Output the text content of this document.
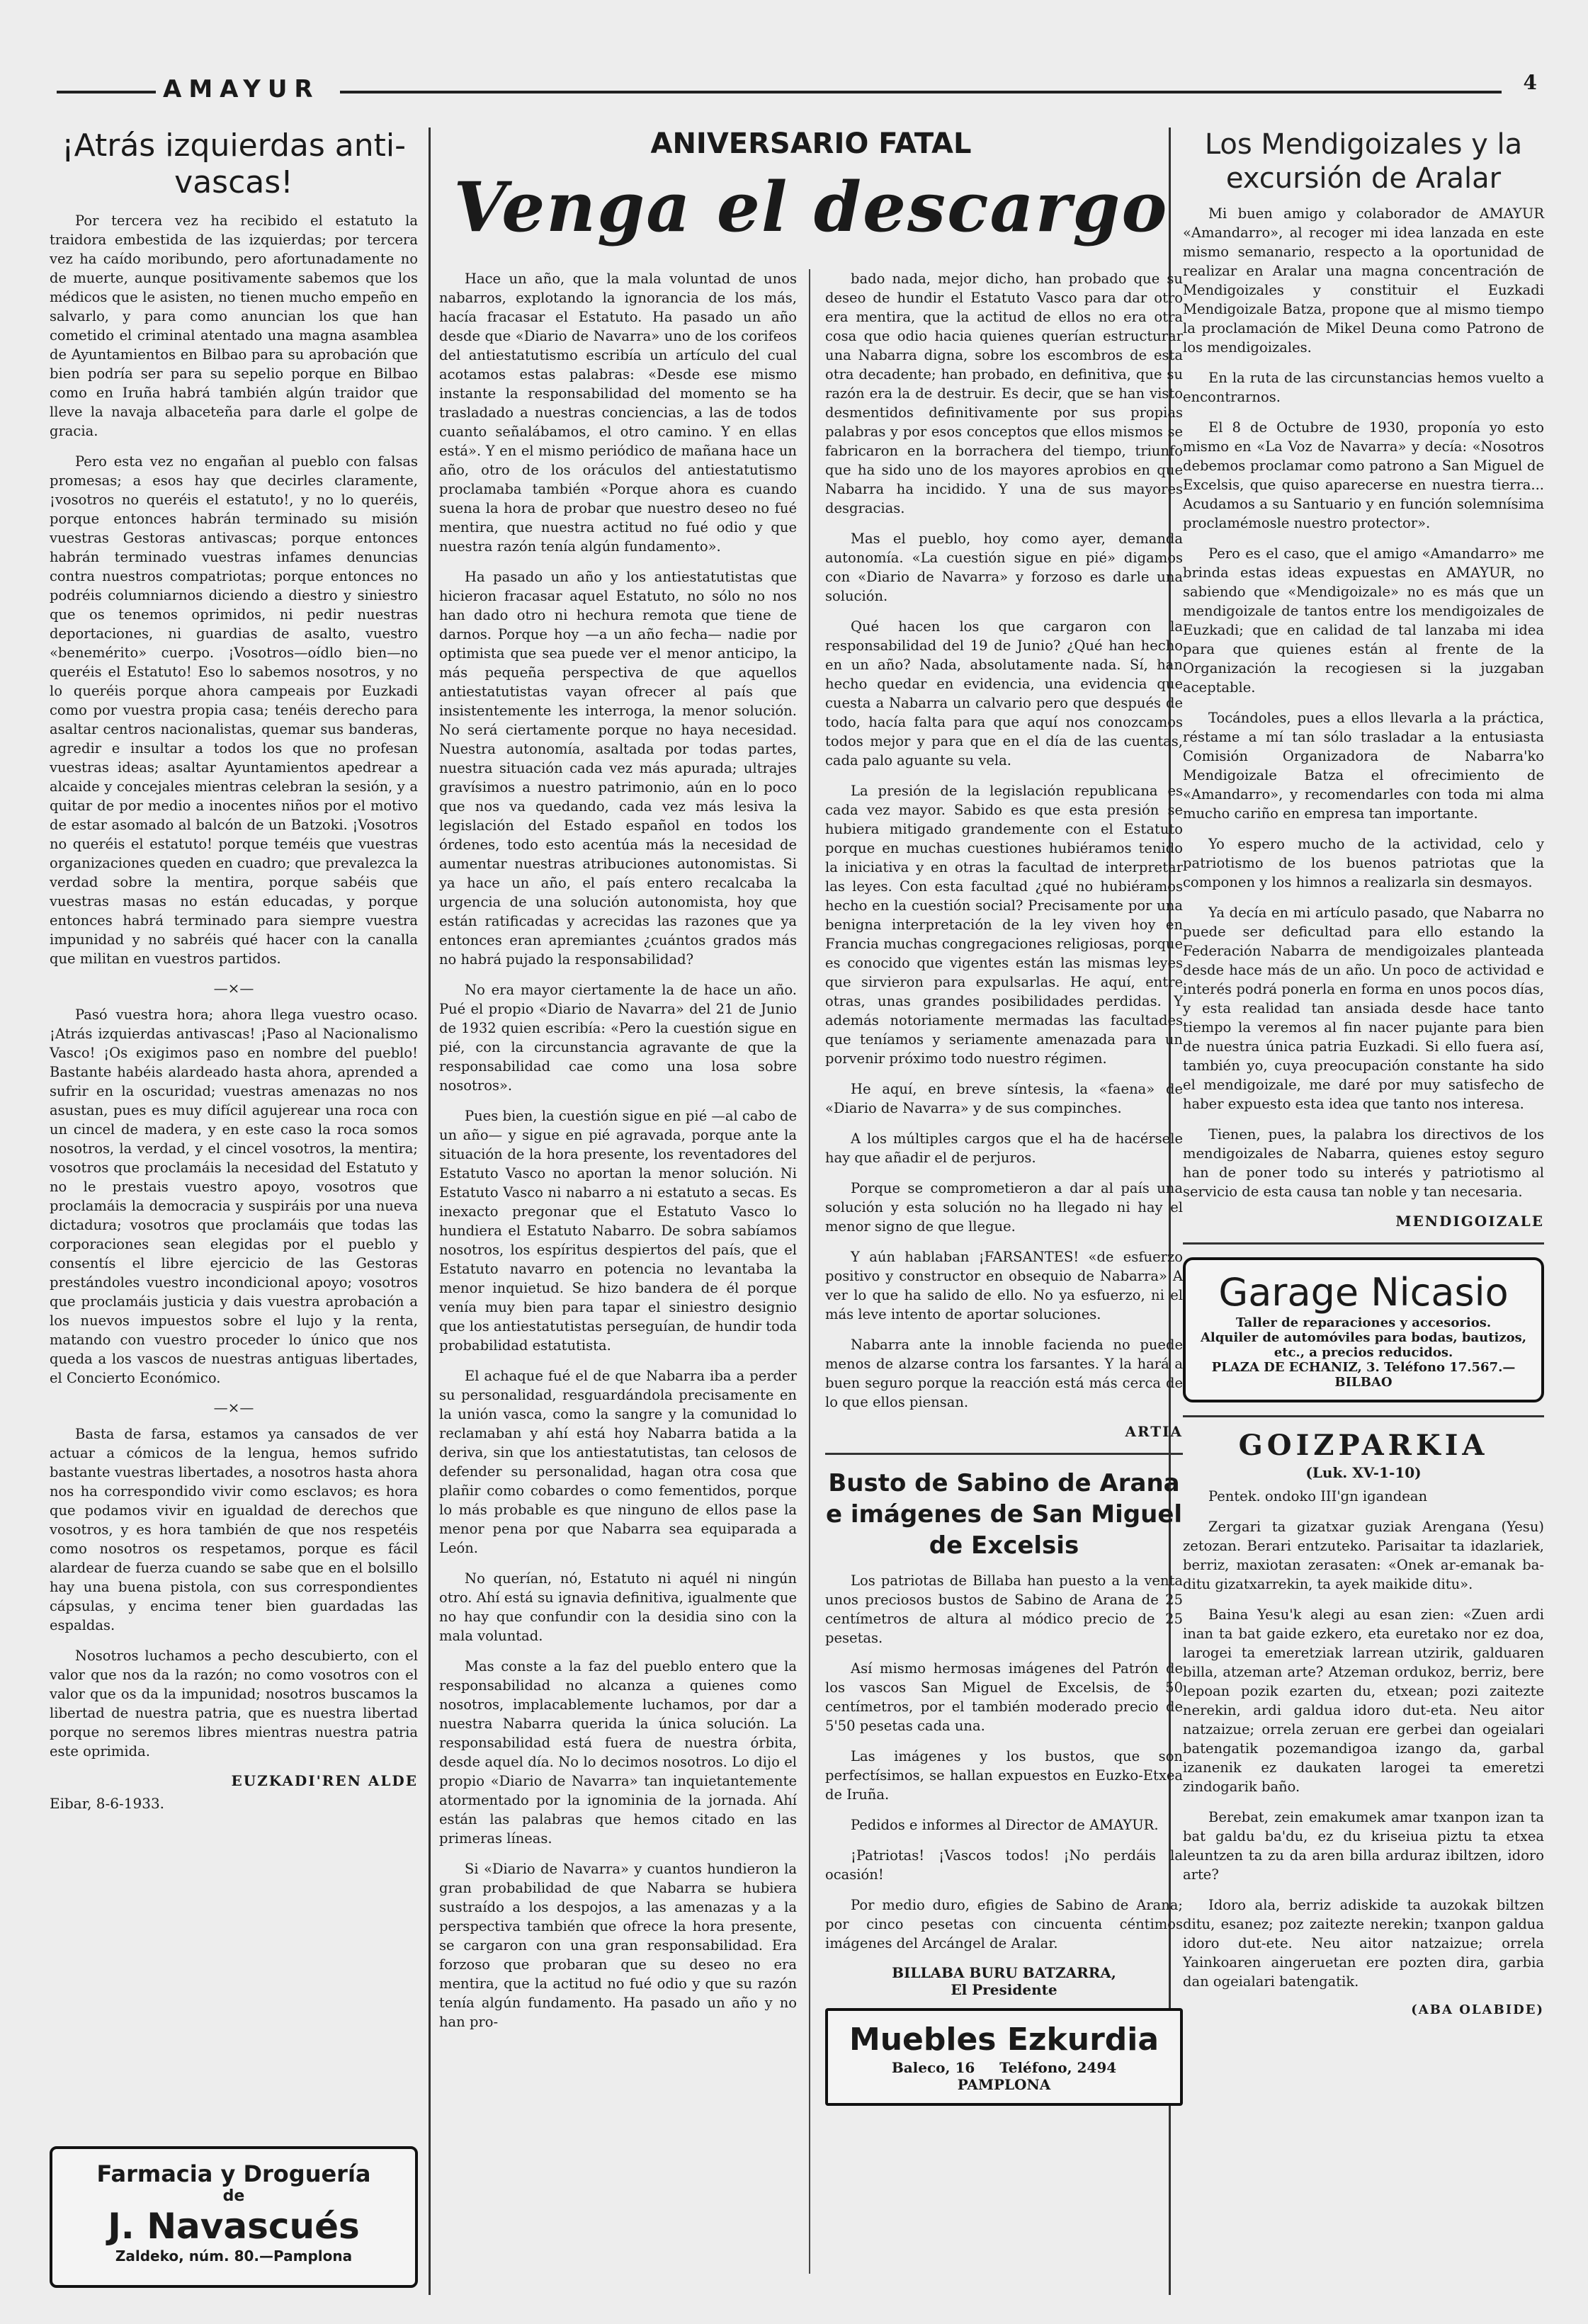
AMAYUR	4
¡Atrás izquierdas anti-vascas!

Por tercera vez ha recibido el estatuto la traidora embestida de las izquierdas; por tercera vez ha caído moribundo, pero afortunadamente no de muerte, aunque positivamente sabemos que los médicos que le asisten, no tienen mucho empeño en salvarlo, y para como anuncian los que han cometido el criminal atentado una magna asamblea de Ayuntamientos en Bilbao para su aprobación que bien podría ser para su sepelio porque en Bilbao como en Iruña habrá también algún traidor que lleve la navaja albaceteña para darle el golpe de gracia.

Pero esta vez no engañan al pueblo con falsas promesas; a esos hay que decirles claramente, ¡vosotros no queréis el estatuto!, y no lo queréis, porque entonces habrán terminado su misión vuestras Gestoras antivascas; porque entonces habrán terminado vuestras infames denuncias contra nuestros compatriotas; porque entonces no podréis columniarnos diciendo a diestro y siniestro que os tenemos oprimidos, ni pedir nuestras deportaciones, ni guardias de asalto, vuestro «benemérito» cuerpo. ¡Vosotros—oídlo bien—no queréis el Estatuto! Eso lo sabemos nosotros, y no lo queréis porque ahora campeais por Euzkadi como por vuestra propia casa; tenéis derecho para asaltar centros nacionalistas, quemar sus banderas, agredir e insultar a todos los que no profesan vuestras ideas; asaltar Ayuntamientos apedrear a alcaide y concejales mientras celebran la sesión, y a quitar de por medio a inocentes niños por el motivo de estar asomado al balcón de un Batzoki. ¡Vosotros no queréis el estatuto! porque teméis que vuestras organizaciones queden en cuadro; que prevalezca la verdad sobre la mentira, porque sabéis que vuestras masas no están educadas, y porque entonces habrá terminado para siempre vuestra impunidad y no sabréis qué hacer con la canalla que militan en vuestros partidos.

—×—

Pasó vuestra hora; ahora llega vuestro ocaso. ¡Atrás izquierdas antivascas! ¡Paso al Nacionalismo Vasco! ¡Os exigimos paso en nombre del pueblo! Bastante habéis alardeado hasta ahora, aprended a sufrir en la oscuridad; vuestras amenazas no nos asustan, pues es muy difícil agujerear una roca con un cincel de madera, y en este caso la roca somos nosotros, la verdad, y el cincel vosotros, la mentira; vosotros que proclamáis la necesidad del Estatuto y no le prestais vuestro apoyo, vosotros que proclamáis la democracia y suspiráis por una nueva dictadura; vosotros que proclamáis que todas las corporaciones sean elegidas por el pueblo y consentís el libre ejercicio de las Gestoras prestándoles vuestro incondicional apoyo; vosotros que proclamáis justicia y dais vuestra aprobación a los nuevos impuestos sobre el lujo y la renta, matando con vuestro proceder lo único que nos queda a los vascos de nuestras antiguas libertades, el Concierto Económico.

—×—

Basta de farsa, estamos ya cansados de ver actuar a cómicos de la lengua, hemos sufrido bastante vuestras libertades, a nosotros hasta ahora nos ha correspondido vivir como esclavos; es hora que podamos vivir en igualdad de derechos que vosotros, y es hora también de que nos respetéis como nosotros os respetamos, porque es fácil alardear de fuerza cuando se sabe que en el bolsillo hay una buena pistola, con sus correspondientes cápsulas, y encima tener bien guardadas las espaldas.

Nosotros luchamos a pecho descubierto, con el valor que nos da la razón; no como vosotros con el valor que os da la impunidad; nosotros buscamos la libertad de nuestra patria, que es nuestra libertad porque no seremos libres mientras nuestra patria este oprimida.

EUZKADI'REN ALDE
Eibar, 8-6-1933.
Farmacia y Droguería
de
J. Navascués
Zaldeko, núm. 80.—Pamplona
ANIVERSARIO FATAL
Venga el descargo

Hace un año, que la mala voluntad de unos nabarros, explotando la ignorancia de los más, hacía fracasar el Estatuto. Ha pasado un año desde que «Diario de Navarra» uno de los corifeos del antiestatutismo escribía un artículo del cual acotamos estas palabras: «Desde ese mismo instante la responsabilidad del momento se ha trasladado a nuestras conciencias, a las de todos cuanto señalábamos, el otro camino. Y en ellas está». Y en el mismo periódico de mañana hace un año, otro de los oráculos del antiestatutismo proclamaba también «Porque ahora es cuando suena la hora de probar que nuestro deseo no fué mentira, que nuestra actitud no fué odio y que nuestra razón tenía algún fundamento».

Ha pasado un año y los antiestatutistas que hicieron fracasar aquel Estatuto, no sólo no nos han dado otro ni hechura remota que tiene de darnos. Porque hoy —a un año fecha— nadie por optimista que sea puede ver el menor anticipo, la más pequeña perspectiva de que aquellos antiestatutistas vayan ofrecer al país que insistentemente les interroga, la menor solución. No será ciertamente porque no haya necesidad. Nuestra autonomía, asaltada por todas partes, nuestra situación cada vez más apurada; ultrajes gravísimos a nuestro patrimonio, aún en lo poco que nos va quedando, cada vez más lesiva la legislación del Estado español en todos los órdenes, todo esto acentúa más la necesidad de aumentar nuestras atribuciones autonomistas. Si ya hace un año, el país entero recalcaba la urgencia de una solución autonomista, hoy que están ratificadas y acrecidas las razones que ya entonces eran apremiantes ¿cuántos grados más no habrá pujado la responsabilidad?

No era mayor ciertamente la de hace un año. Pué el propio «Diario de Navarra» del 21 de Junio de 1932 quien escribía: «Pero la cuestión sigue en pié, con la circunstancia agravante de que la responsabilidad cae como una losa sobre nosotros».

Pues bien, la cuestión sigue en pié —al cabo de un año— y sigue en pié agravada, porque ante la situación de la hora presente, los reventadores del Estatuto Vasco no aportan la menor solución. Ni Estatuto Vasco ni nabarro a ni estatuto a secas. Es inexacto pregonar que el Estatuto Vasco lo hundiera el Estatuto Nabarro. De sobra sabíamos nosotros, los espíritus despiertos del país, que el Estatuto navarro en potencia no levantaba la menor inquietud. Se hizo bandera de él porque venía muy bien para tapar el siniestro designio que los antiestatutistas perseguían, de hundir toda probabilidad estatutista.

El achaque fué el de que Nabarra iba a perder su personalidad, resguardándola precisamente en la unión vasca, como la sangre y la comunidad lo reclamaban y ahí está hoy Nabarra batida a la deriva, sin que los antiestatutistas, tan celosos de defender su personalidad, hagan otra cosa que plañir como cobardes o como fementidos, porque lo más probable es que ninguno de ellos pase la menor pena por que Nabarra sea equiparada a León.

No querían, nó, Estatuto ni aquél ni ningún otro. Ahí está su ignavia definitiva, igualmente que no hay que confundir con la desidia sino con la mala voluntad.

Mas conste a la faz del pueblo entero que la responsabilidad no alcanza a quienes como nosotros, implacablemente luchamos, por dar a nuestra Nabarra querida la única solución. La responsabilidad está fuera de nuestra órbita, desde aquel día. No lo decimos nosotros. Lo dijo el propio «Diario de Navarra» tan inquietantemente atormentado por la ignominia de la jornada. Ahí están las palabras que hemos citado en las primeras líneas.

Si «Diario de Navarra» y cuantos hundieron la gran probabilidad de que Nabarra se hubiera sustraído a los despojos, a las amenazas y a la perspectiva también que ofrece la hora presente, se cargaron con una gran responsabilidad. Era forzoso que probaran que su deseo no era mentira, que la actitud no fué odio y que su razón tenía algún fundamento. Ha pasado un año y no han pro-

bado nada, mejor dicho, han probado que su deseo de hundir el Estatuto Vasco para dar otro era mentira, que la actitud de ellos no era otra cosa que odio hacia quienes querían estructurar una Nabarra digna, sobre los escombros de esta otra decadente; han probado, en definitiva, que su razón era la de destruir. Es decir, que se han visto desmentidos definitivamente por sus propias palabras y por esos conceptos que ellos mismos se fabricaron en la borrachera del tiempo, triunfo que ha sido uno de los mayores aprobios en que Nabarra ha incidido. Y una de sus mayores desgracias.

Mas el pueblo, hoy como ayer, demanda autonomía. «La cuestión sigue en pié» digamos con «Diario de Navarra» y forzoso es darle una solución.

Qué hacen los que cargaron con la responsabilidad del 19 de Junio? ¿Qué han hecho en un año? Nada, absolutamente nada. Sí, han hecho quedar en evidencia, una evidencia que cuesta a Nabarra un calvario pero que después de todo, hacía falta para que aquí nos conozcamos todos mejor y para que en el día de las cuentas, cada palo aguante su vela.

La presión de la legislación republicana es cada vez mayor. Sabido es que esta presión se hubiera mitigado grandemente con el Estatuto porque en muchas cuestiones hubiéramos tenido la iniciativa y en otras la facultad de interpretar las leyes. Con esta facultad ¿qué no hubiéramos hecho en la cuestión social? Precisamente por una benigna interpretación de la ley viven hoy en Francia muchas congregaciones religiosas, porque es conocido que vigentes están las mismas leyes que sirvieron para expulsarlas. He aquí, entre otras, unas grandes posibilidades perdidas. Y además notoriamente mermadas las facultades que teníamos y seriamente amenazada para un porvenir próximo todo nuestro régimen.

He aquí, en breve síntesis, la «faena» de «Diario de Navarra» y de sus compinches.

A los múltiples cargos que el ha de hacérsele hay que añadir el de perjuros.

Porque se comprometieron a dar al país una solución y esta solución no ha llegado ni hay el menor signo de que llegue.

Y aún hablaban ¡FARSANTES! «de esfuerzo positivo y constructor en obsequio de Nabarra» A ver lo que ha salido de ello. No ya esfuerzo, ni el más leve intento de aportar soluciones.

Nabarra ante la innoble facienda no puede menos de alzarse contra los farsantes. Y la hará a buen seguro porque la reacción está más cerca de lo que ellos piensan.

ARTIA
Busto de Sabino de Arana e imágenes de San Miguel de Excelsis

Los patriotas de Billaba han puesto a la venta unos preciosos bustos de Sabino de Arana de 25 centímetros de altura al módico precio de 25 pesetas.

Así mismo hermosas imágenes del Patrón de los vascos San Miguel de Excelsis, de 50 centímetros, por el también moderado precio de 5'50 pesetas cada una.

Las imágenes y los bustos, que son perfectísimos, se hallan expuestos en Euzko-Etxea de Iruña.

Pedidos e informes al Director de AMAYUR.

¡Patriotas! ¡Vascos todos! ¡No perdáis la ocasión!

Por medio duro, efigies de Sabino de Arana; por cinco pesetas con cincuenta céntimos imágenes del Arcángel de Aralar.

BILLABA BURU BATZARRA,
El Presidente
Muebles Ezkurdia
Baleco, 16 Teléfono, 2494
PAMPLONA
Los Mendigoizales y la excursión de Aralar

Mi buen amigo y colaborador de AMAYUR «Amandarro», al recoger mi idea lanzada en este mismo semanario, respecto a la oportunidad de realizar en Aralar una magna concentración de Mendigoizales y constituir el Euzkadi Mendigoizale Batza, propone que al mismo tiempo la proclamación de Mikel Deuna como Patrono de los mendigoizales.

En la ruta de las circunstancias hemos vuelto a encontrarnos.

El 8 de Octubre de 1930, proponía yo esto mismo en «La Voz de Navarra» y decía: «Nosotros debemos proclamar como patrono a San Miguel de Excelsis, que quiso aparecerse en nuestra tierra... Acudamos a su Santuario y en función solemnísima proclamémosle nuestro protector».

Pero es el caso, que el amigo «Amandarro» me brinda estas ideas expuestas en AMAYUR, no sabiendo que «Mendigoizale» no es más que un mendigoizale de tantos entre los mendigoizales de Euzkadi; que en calidad de tal lanzaba mi idea para que quienes están al frente de la Organización la recogiesen si la juzgaban aceptable.

Tocándoles, pues a ellos llevarla a la práctica, réstame a mí tan sólo trasladar a la entusiasta Comisión Organizadora de Nabarra'ko Mendigoizale Batza el ofrecimiento de «Amandarro», y recomendarles con toda mi alma mucho cariño en empresa tan importante.

Yo espero mucho de la actividad, celo y patriotismo de los buenos patriotas que la componen y los himnos a realizarla sin desmayos.

Ya decía en mi artículo pasado, que Nabarra no puede ser deficultad para ello estando la Federación Nabarra de mendigoizales planteada desde hace más de un año. Un poco de actividad e interés podrá ponerla en forma en unos pocos días, y esta realidad tan ansiada desde hace tanto tiempo la veremos al fin nacer pujante para bien de nuestra única patria Euzkadi. Si ello fuera así, también yo, cuya preocupación constante ha sido el mendigoizale, me daré por muy satisfecho de haber expuesto esta idea que tanto nos interesa.

Tienen, pues, la palabra los directivos de los mendigoizales de Nabarra, quienes estoy seguro han de poner todo su interés y patriotismo al servicio de esta causa tan noble y tan necesaria.

MENDIGOIZALE
Garage Nicasio
Taller de reparaciones y accesorios.
Alquiler de automóviles para bodas, bautizos, etc., a precios reducidos.
PLAZA DE ECHANIZ, 3. Teléfono 17.567.—BILBAO
GOIZPARKIA
(Luk. XV-1-10)

Pentek. ondoko III'gn igandean

Zergari ta gizatxar guziak Arengana (Yesu) zetozan. Berari entzuteko. Parisaitar ta idazlariek, berriz, maxiotan zerasaten: «Onek ar-emanak ba-ditu gizatxarrekin, ta ayek maikide ditu».

Baina Yesu'k alegi au esan zien: «Zuen ardi inan ta bat gaide ezkero, eta euretako nor ez doa, larogei ta emeretziak larrean utzirik, galduaren billa, atzeman arte? Atzeman ordukoz, berriz, bere lepoan pozik ezarten du, etxean; pozi zaitezte nerekin, ardi galdua idoro dut-eta. Neu aitor natzaizue; orrela zeruan ere gerbei dan ogeialari batengatik pozemandigoa izango da, garbal izanenik ez daukaten larogei ta emeretzi zindogarik baño.

Berebat, zein emakumek amar txanpon izan ta bat galdu ba'du, ez du kriseiua piztu ta etxea leuntzen ta zu da aren billa arduraz ibiltzen, idoro arte?

Idoro ala, berriz adiskide ta auzokak biltzen ditu, esanez; poz zaitezte nerekin; txanpon galdua idoro dut-ete. Neu aitor natzaizue; orrela Yainkoaren aingeruetan ere pozten dira, garbia dan ogeialari batengatik.

(ABA OLABIDE)
